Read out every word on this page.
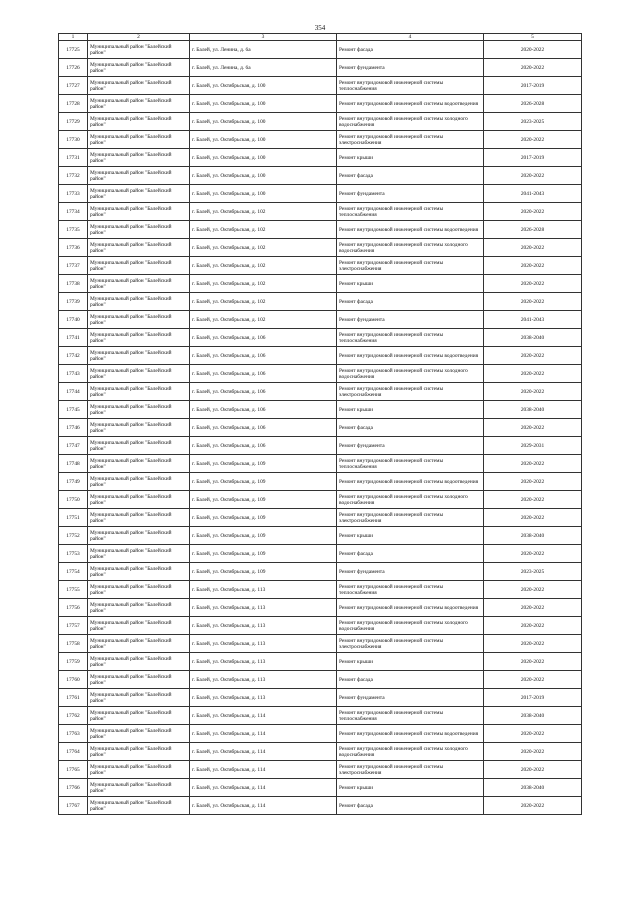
354
1	2	3	4	5
17725	Муниципальный район "Балейский район"	г. Балей, ул. Ленина, д. 6а	Ремонт фасада	2020-2022
17726	Муниципальный район "Балейский район"	г. Балей, ул. Ленина, д. 6а	Ремонт фундамента	2020-2022
17727	Муниципальный район "Балейский район"	г. Балей, ул. Октябрьская, д. 100	Ремонт внутридомовой инженерной системы теплоснабжения	2017-2019
17728	Муниципальный район "Балейский район"	г. Балей, ул. Октябрьская, д. 100	Ремонт внутридомовой инженерной системы водоотведения	2026-2028
17729	Муниципальный район "Балейский район"	г. Балей, ул. Октябрьская, д. 100	Ремонт внутридомовой инженерной системы холодного водоснабжения	2023-2025
17730	Муниципальный район "Балейский район"	г. Балей, ул. Октябрьская, д. 100	Ремонт внутридомовой инженерной системы электроснабжения	2020-2022
17731	Муниципальный район "Балейский район"	г. Балей, ул. Октябрьская, д. 100	Ремонт крыши	2017-2019
17732	Муниципальный район "Балейский район"	г. Балей, ул. Октябрьская, д. 100	Ремонт фасада	2020-2022
17733	Муниципальный район "Балейский район"	г. Балей, ул. Октябрьская, д. 100	Ремонт фундамента	2041-2043
17734	Муниципальный район "Балейский район"	г. Балей, ул. Октябрьская, д. 102	Ремонт внутридомовой инженерной системы теплоснабжения	2020-2022
17735	Муниципальный район "Балейский район"	г. Балей, ул. Октябрьская, д. 102	Ремонт внутридомовой инженерной системы водоотведения	2026-2028
17736	Муниципальный район "Балейский район"	г. Балей, ул. Октябрьская, д. 102	Ремонт внутридомовой инженерной системы холодного водоснабжения	2020-2022
17737	Муниципальный район "Балейский район"	г. Балей, ул. Октябрьская, д. 102	Ремонт внутридомовой инженерной системы электроснабжения	2020-2022
17738	Муниципальный район "Балейский район"	г. Балей, ул. Октябрьская, д. 102	Ремонт крыши	2020-2022
17739	Муниципальный район "Балейский район"	г. Балей, ул. Октябрьская, д. 102	Ремонт фасада	2020-2022
17740	Муниципальный район "Балейский район"	г. Балей, ул. Октябрьская, д. 102	Ремонт фундамента	2041-2043
17741	Муниципальный район "Балейский район"	г. Балей, ул. Октябрьская, д. 106	Ремонт внутридомовой инженерной системы теплоснабжения	2038-2040
17742	Муниципальный район "Балейский район"	г. Балей, ул. Октябрьская, д. 106	Ремонт внутридомовой инженерной системы водоотведения	2020-2022
17743	Муниципальный район "Балейский район"	г. Балей, ул. Октябрьская, д. 106	Ремонт внутридомовой инженерной системы холодного водоснабжения	2020-2022
17744	Муниципальный район "Балейский район"	г. Балей, ул. Октябрьская, д. 106	Ремонт внутридомовой инженерной системы электроснабжения	2020-2022
17745	Муниципальный район "Балейский район"	г. Балей, ул. Октябрьская, д. 106	Ремонт крыши	2038-2040
17746	Муниципальный район "Балейский район"	г. Балей, ул. Октябрьская, д. 106	Ремонт фасада	2020-2022
17747	Муниципальный район "Балейский район"	г. Балей, ул. Октябрьская, д. 106	Ремонт фундамента	2029-2031
17748	Муниципальный район "Балейский район"	г. Балей, ул. Октябрьская, д. 109	Ремонт внутридомовой инженерной системы теплоснабжения	2020-2022
17749	Муниципальный район "Балейский район"	г. Балей, ул. Октябрьская, д. 109	Ремонт внутридомовой инженерной системы водоотведения	2020-2022
17750	Муниципальный район "Балейский район"	г. Балей, ул. Октябрьская, д. 109	Ремонт внутридомовой инженерной системы холодного водоснабжения	2020-2022
17751	Муниципальный район "Балейский район"	г. Балей, ул. Октябрьская, д. 109	Ремонт внутридомовой инженерной системы электроснабжения	2020-2022
17752	Муниципальный район "Балейский район"	г. Балей, ул. Октябрьская, д. 109	Ремонт крыши	2038-2040
17753	Муниципальный район "Балейский район"	г. Балей, ул. Октябрьская, д. 109	Ремонт фасада	2020-2022
17754	Муниципальный район "Балейский район"	г. Балей, ул. Октябрьская, д. 109	Ремонт фундамента	2023-2025
17755	Муниципальный район "Балейский район"	г. Балей, ул. Октябрьская, д. 113	Ремонт внутридомовой инженерной системы теплоснабжения	2020-2022
17756	Муниципальный район "Балейский район"	г. Балей, ул. Октябрьская, д. 113	Ремонт внутридомовой инженерной системы водоотведения	2020-2022
17757	Муниципальный район "Балейский район"	г. Балей, ул. Октябрьская, д. 113	Ремонт внутридомовой инженерной системы холодного водоснабжения	2020-2022
17758	Муниципальный район "Балейский район"	г. Балей, ул. Октябрьская, д. 113	Ремонт внутридомовой инженерной системы электроснабжения	2020-2022
17759	Муниципальный район "Балейский район"	г. Балей, ул. Октябрьская, д. 113	Ремонт крыши	2020-2022
17760	Муниципальный район "Балейский район"	г. Балей, ул. Октябрьская, д. 113	Ремонт фасада	2020-2022
17761	Муниципальный район "Балейский район"	г. Балей, ул. Октябрьская, д. 113	Ремонт фундамента	2017-2019
17762	Муниципальный район "Балейский район"	г. Балей, ул. Октябрьская, д. 114	Ремонт внутридомовой инженерной системы теплоснабжения	2038-2040
17763	Муниципальный район "Балейский район"	г. Балей, ул. Октябрьская, д. 114	Ремонт внутридомовой инженерной системы водоотведения	2020-2022
17764	Муниципальный район "Балейский район"	г. Балей, ул. Октябрьская, д. 114	Ремонт внутридомовой инженерной системы холодного водоснабжения	2020-2022
17765	Муниципальный район "Балейский район"	г. Балей, ул. Октябрьская, д. 114	Ремонт внутридомовой инженерной системы электроснабжения	2020-2022
17766	Муниципальный район "Балейский район"	г. Балей, ул. Октябрьская, д. 114	Ремонт крыши	2038-2040
17767	Муниципальный район "Балейский район"	г. Балей, ул. Октябрьская, д. 114	Ремонт фасада	2020-2022
